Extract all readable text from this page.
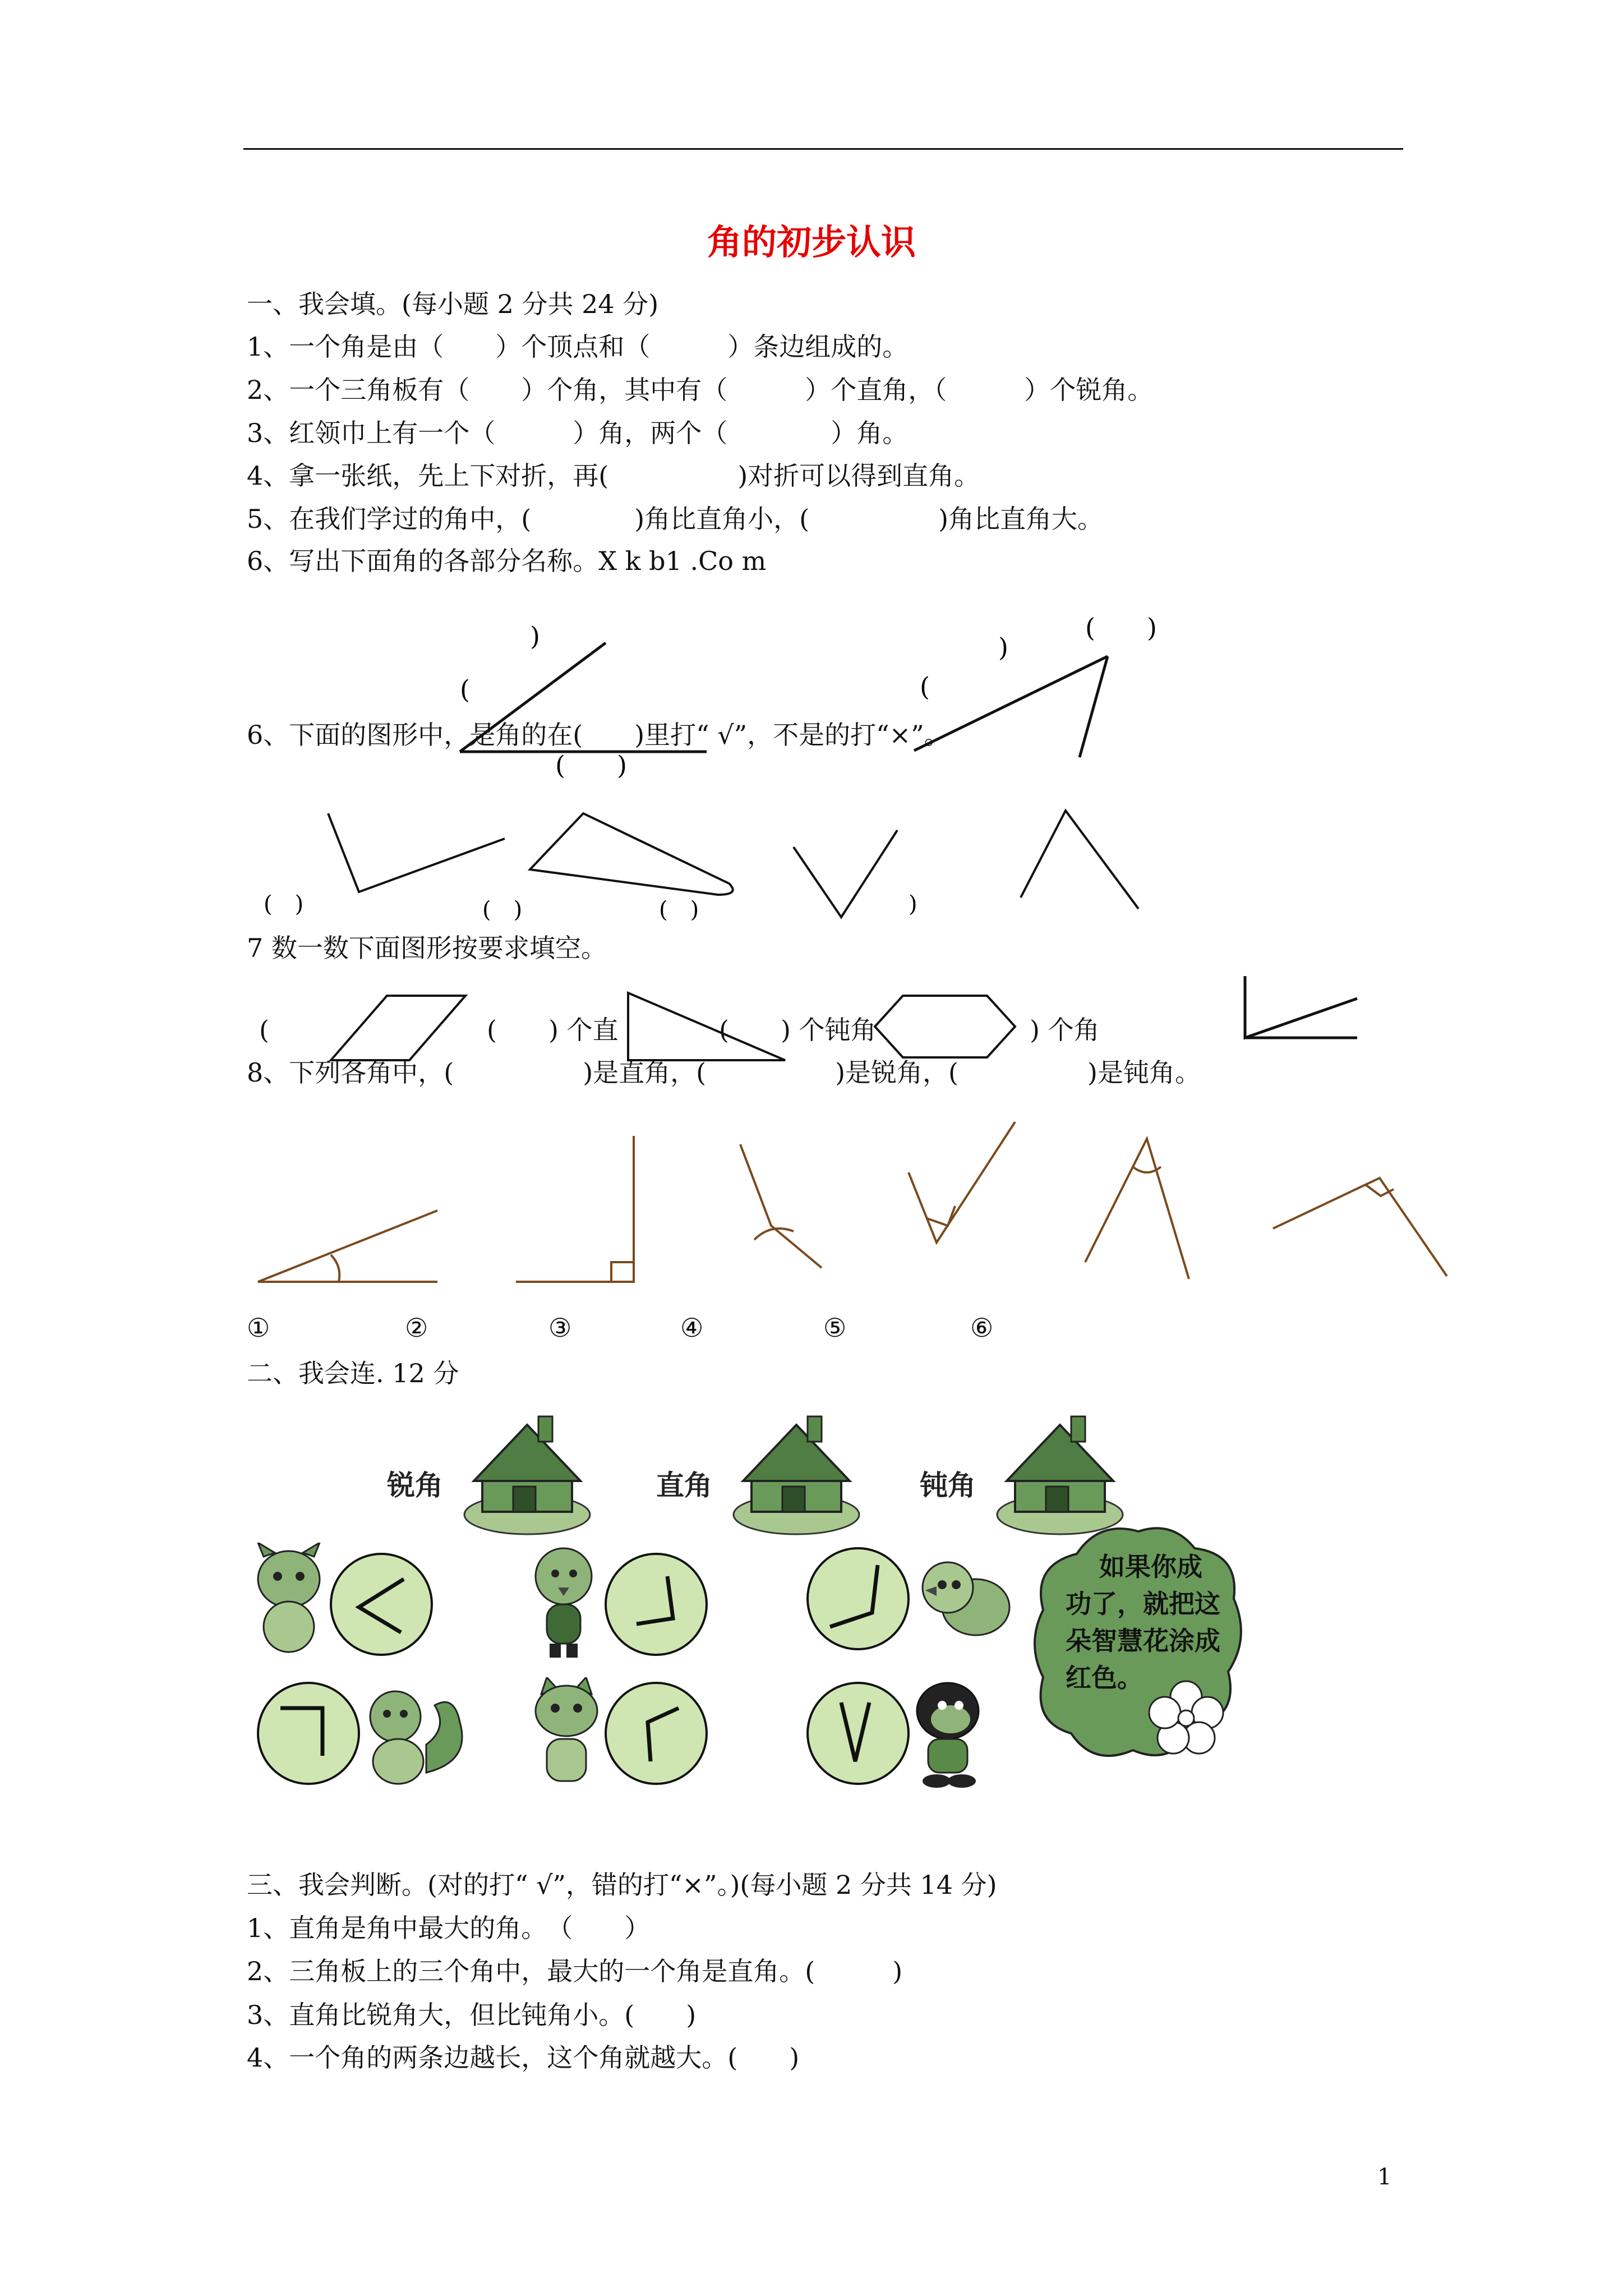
角的初步认识
一、我会填。(每小题 2 分共 24 分)
1、一个角是由（　　）个顶点和（　　　）条边组成的。
2、一个三角板有（　　）个角，其中有（　　　）个直角，（　　　）个锐角。
3、红领巾上有一个（　　　）角，两个（　　　　）角。
4、拿一张纸，先上下对折，再(　　　　　)对折可以得到直角。
5、在我们学过的角中，(　　　　)角比直角小，(　　　　　)角比直角大。
6、写出下面角的各部分名称。X k b1 .Co m
)
(
(　　)
)
(
(　　)
6、下面的图形中，是角的在(　　)里打“ √”，不是的打“×”。
(　)	(　)	(　)	)
7 数一数下面图形按要求填空。
(	(　　) 个直	(　　) 个钝角	) 个角
8、下列各角中，(　　　　　)是直角，(　　　　　)是锐角，(　　　　　)是钝角。
①	②	③	④	⑤	⑥
二、我会连. 12 分
锐角	直角	钝角
如果你成
功了，就把这
朵智慧花涂成
红色。
三、我会判断。(对的打“ √”，错的打“×”。)(每小题 2 分共 14 分)
1、直角是角中最大的角。　（　　）
2、三角板上的三个角中，最大的一个角是直角。(　　　)
3、直角比锐角大，但比钝角小。(　　)
4、一个角的两条边越长，这个角就越大。(　　)
1
